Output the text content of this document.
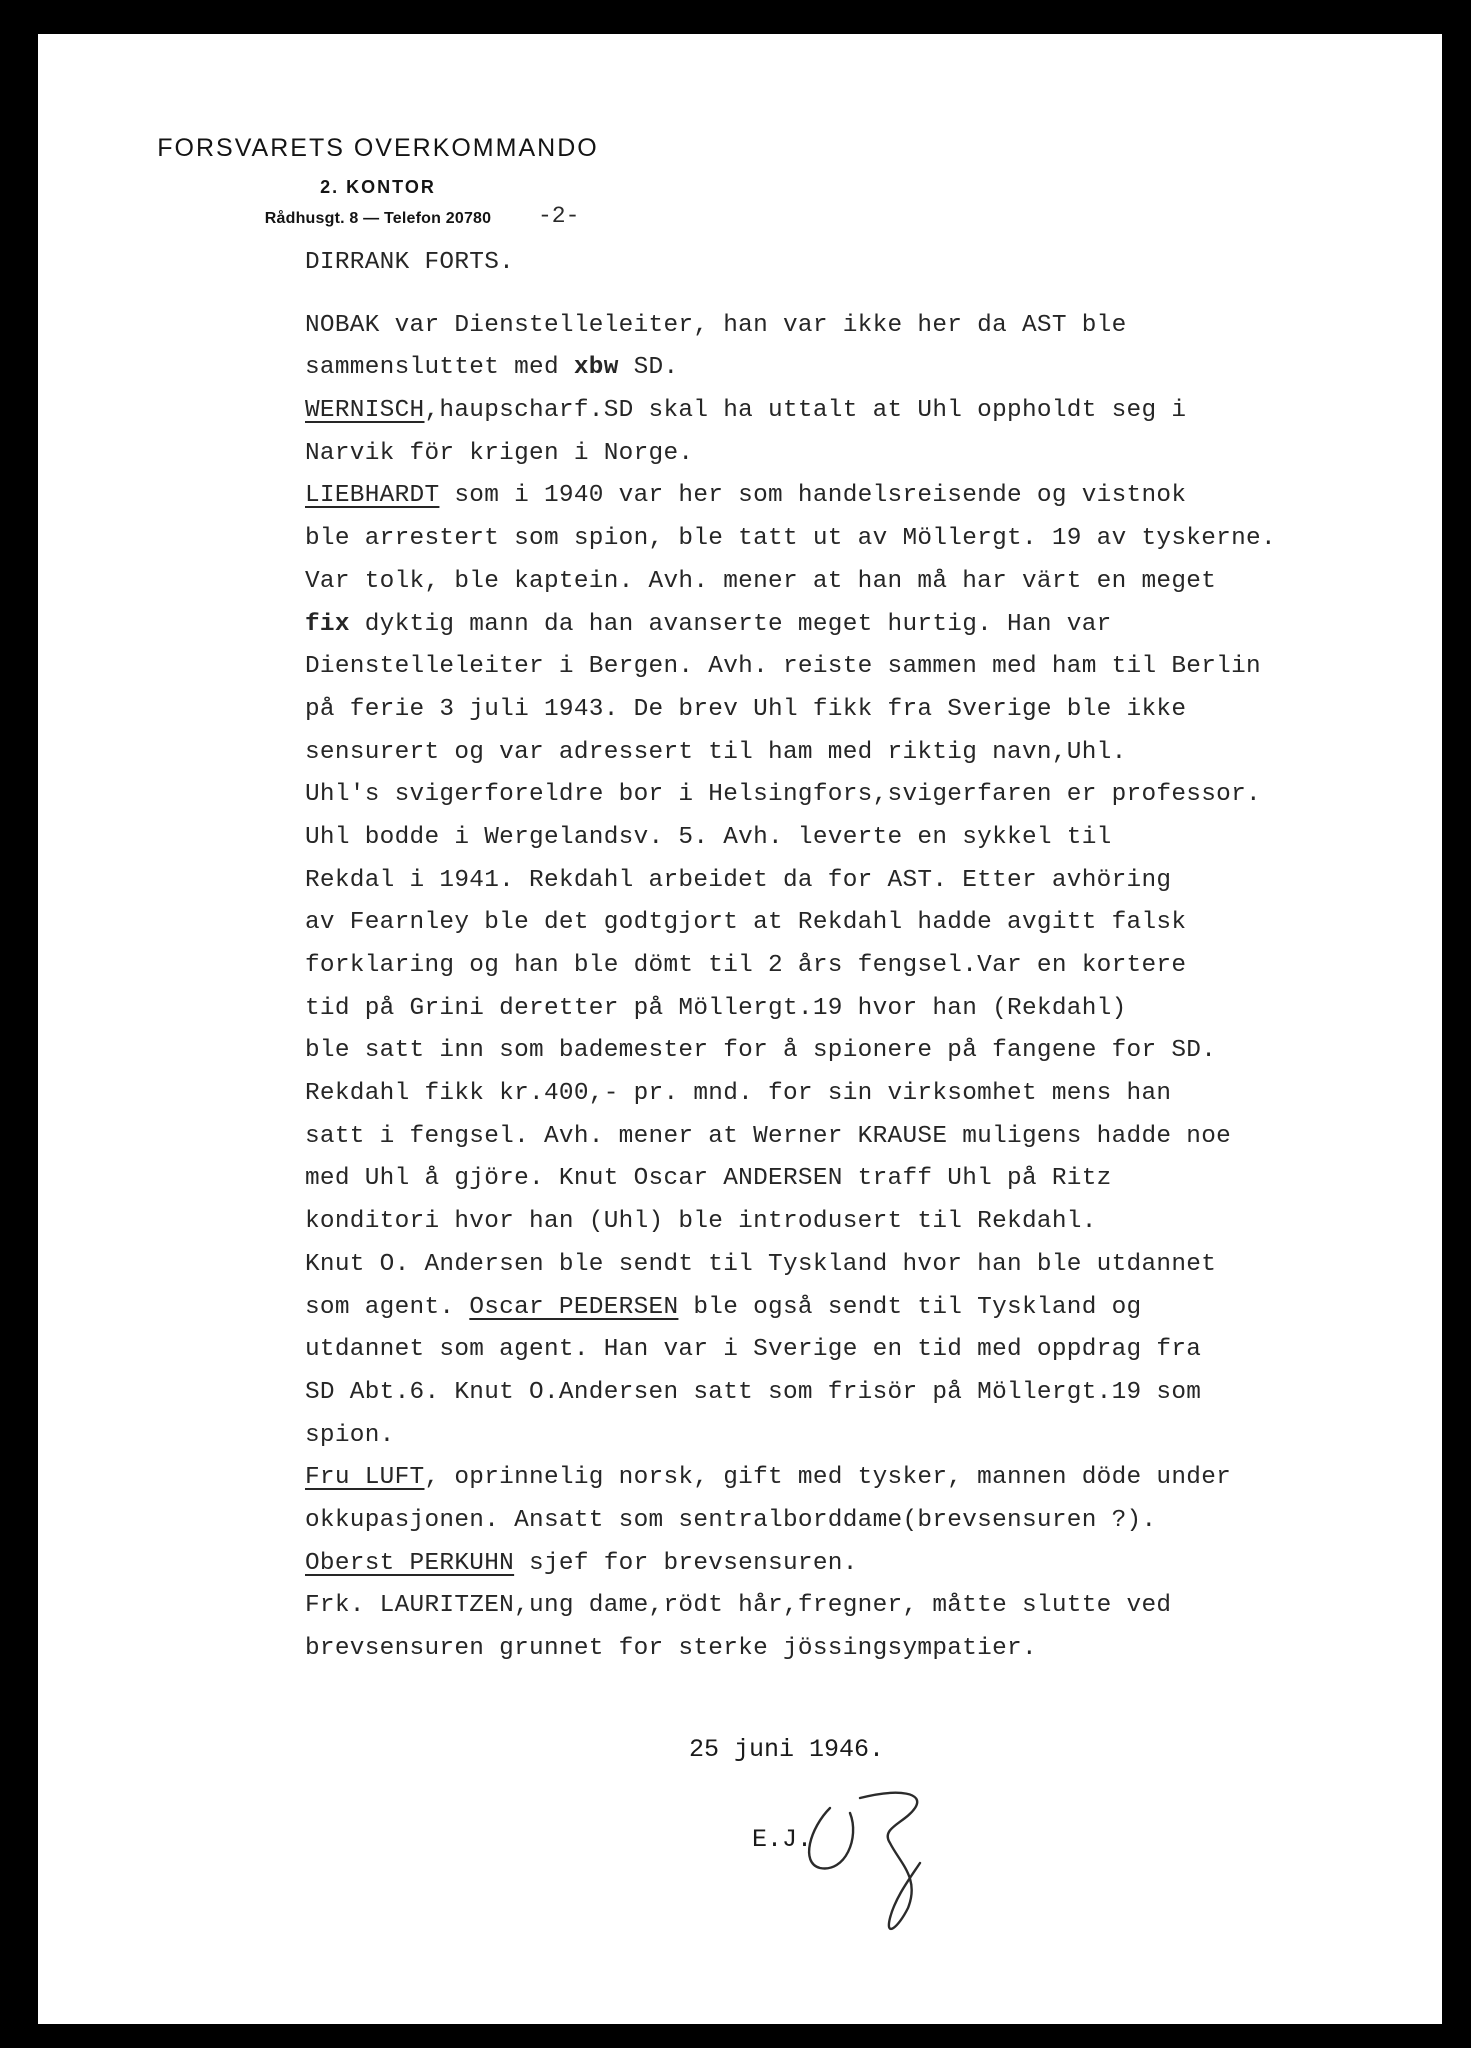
FORSVARETS OVERKOMMANDO
2. KONTOR
Rådhusgt. 8 — Telefon 20780	-2-
DIRRANK FORTS.
NOBAK var Dienstelleleiter, han var ikke her da AST ble
sammensluttet med xbw SD.
WERNISCH,haupscharf.SD skal ha uttalt at Uhl oppholdt seg i
Narvik för krigen i Norge.
LIEBHARDT som i 1940 var her som handelsreisende og vistnok
ble arrestert som spion, ble tatt ut av Möllergt. 19 av tyskerne.
Var tolk, ble kaptein. Avh. mener at han må har värt en meget
fix dyktig mann da han avanserte meget hurtig. Han var
Dienstelleleiter i Bergen. Avh. reiste sammen med ham til Berlin
på ferie 3 juli 1943. De brev Uhl fikk fra Sverige ble ikke
sensurert og var adressert til ham med riktig navn,Uhl.
Uhl's svigerforeldre bor i Helsingfors,svigerfaren er professor.
Uhl bodde i Wergelandsv. 5. Avh. leverte en sykkel til
Rekdal i 1941. Rekdahl arbeidet da for AST. Etter avhöring
av Fearnley ble det godtgjort at Rekdahl hadde avgitt falsk
forklaring og han ble dömt til 2 års fengsel.Var en kortere
tid på Grini deretter på Möllergt.19 hvor han (Rekdahl)
ble satt inn som bademester for å spionere på fangene for SD.
Rekdahl fikk kr.400,- pr. mnd. for sin virksomhet mens han
satt i fengsel. Avh. mener at Werner KRAUSE muligens hadde noe
med Uhl å gjöre. Knut Oscar ANDERSEN traff Uhl på Ritz
konditori hvor han (Uhl) ble introdusert til Rekdahl.
Knut O. Andersen ble sendt til Tyskland hvor han ble utdannet
som agent. Oscar PEDERSEN ble også sendt til Tyskland og
utdannet som agent. Han var i Sverige en tid med oppdrag fra
SD Abt.6. Knut O.Andersen satt som frisör på Möllergt.19 som
spion.
Fru LUFT, oprinnelig norsk, gift med tysker, mannen döde under
okkupasjonen. Ansatt som sentralborddame(brevsensuren ?).
Oberst PERKUHN sjef for brevsensuren.
Frk. LAURITZEN,ung dame,rödt hår,fregner, måtte slutte ved
brevsensuren grunnet for sterke jössingsympatier.
25 juni 1946.
E.J.
